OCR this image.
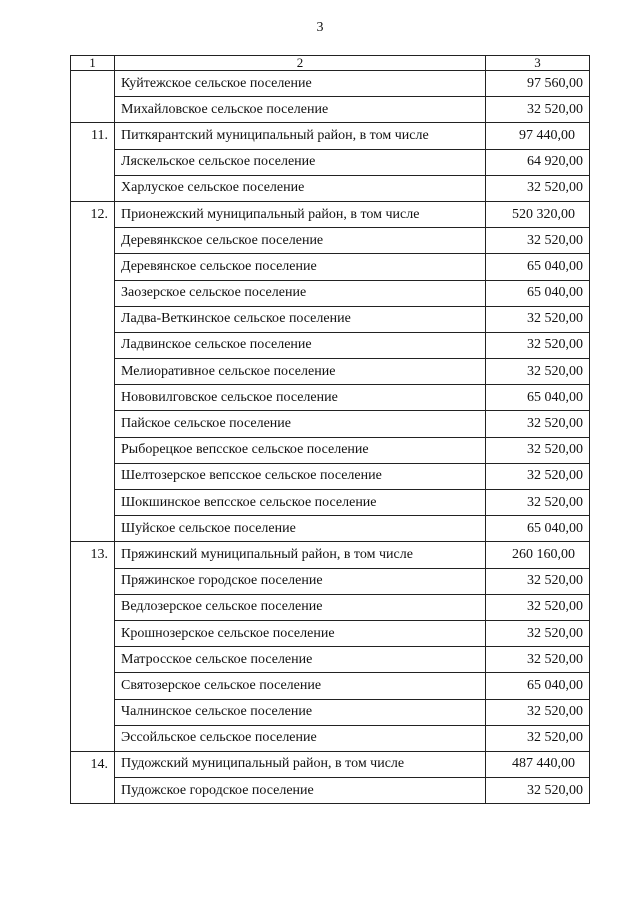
3
1	2	3
	Куйтежское сельское поселение	97 560,00
	Михайловское сельское поселение	32 520,00
11.	Питкярантский муниципальный район, в том числе	97 440,00
	Ляскельское сельское поселение	64 920,00
	Харлуское сельское поселение	32 520,00
12.	Прионежский муниципальный район, в том числе	520 320,00
	Деревянкское сельское поселение	32 520,00
	Деревянское сельское поселение	65 040,00
	Заозерское сельское поселение	65 040,00
	Ладва-Веткинское сельское поселение	32 520,00
	Ладвинское сельское поселение	32 520,00
	Мелиоративное сельское поселение	32 520,00
	Нововилговское сельское поселение	65 040,00
	Пайское сельское поселение	32 520,00
	Рыборецкое вепсское сельское поселение	32 520,00
	Шелтозерское вепсское сельское поселение	32 520,00
	Шокшинское вепсское сельское поселение	32 520,00
	Шуйское сельское поселение	65 040,00
13.	Пряжинский муниципальный район, в том числе	260 160,00
	Пряжинское городское поселение	32 520,00
	Ведлозерское сельское поселение	32 520,00
	Крошнозерское сельское поселение	32 520,00
	Матросское сельское поселение	32 520,00
	Святозерское сельское поселение	65 040,00
	Чалнинское сельское поселение	32 520,00
	Эссойльское сельское поселение	32 520,00
14.	Пудожский муниципальный район, в том числе	487 440,00
	Пудожское городское поселение	32 520,00
